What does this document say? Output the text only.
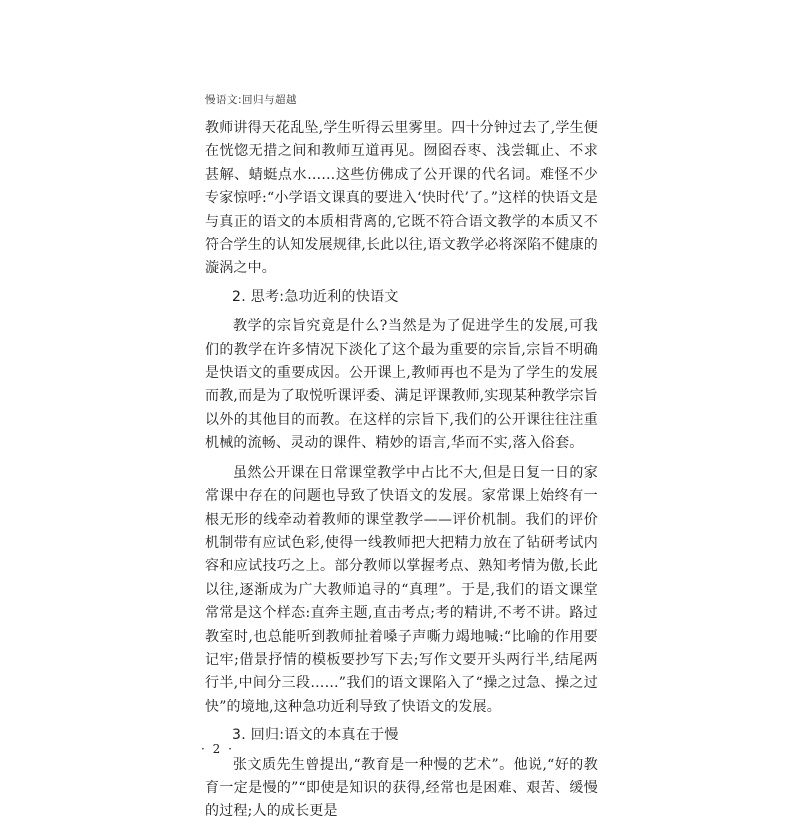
慢语文:回归与超越

教师讲得天花乱坠,学生听得云里雾里。四十分钟过去了,学生便在恍惚无措之间和教师互道再见。囫囵吞枣、浅尝辄止、不求甚解、蜻蜓点水……这些仿佛成了公开课的代名词。难怪不少专家惊呼:“小学语文课真的要进入‘快时代’了。”这样的快语文是与真正的语文的本质相背离的,它既不符合语文教学的本质又不符合学生的认知发展规律,长此以往,语文教学必将深陷不健康的漩涡之中。

2. 思考:急功近利的快语文

教学的宗旨究竟是什么?当然是为了促进学生的发展,可我们的教学在许多情况下淡化了这个最为重要的宗旨,宗旨不明确是快语文的重要成因。公开课上,教师再也不是为了学生的发展而教,而是为了取悦听课评委、满足评课教师,实现某种教学宗旨以外的其他目的而教。在这样的宗旨下,我们的公开课往往注重机械的流畅、灵动的课件、精妙的语言,华而不实,落入俗套。

虽然公开课在日常课堂教学中占比不大,但是日复一日的家常课中存在的问题也导致了快语文的发展。家常课上始终有一根无形的线牵动着教师的课堂教学——评价机制。我们的评价机制带有应试色彩,使得一线教师把大把精力放在了钻研考试内容和应试技巧之上。部分教师以掌握考点、熟知考情为傲,长此以往,逐渐成为广大教师追寻的“真理”。于是,我们的语文课堂常常是这个样态:直奔主题,直击考点;考的精讲,不考不讲。路过教室时,也总能听到教师扯着嗓子声嘶力竭地喊:“比喻的作用要记牢;借景抒情的模板要抄写下去;写作文要开头两行半,结尾两行半,中间分三段……”我们的语文课陷入了“操之过急、操之过快”的境地,这种急功近利导致了快语文的发展。

3. 回归:语文的本真在于慢

张文质先生曾提出,“教育是一种慢的艺术”。他说,“好的教育一定是慢的”“即使是知识的获得,经常也是困难、艰苦、缓慢的过程;人的成长更是

· 2 ·
